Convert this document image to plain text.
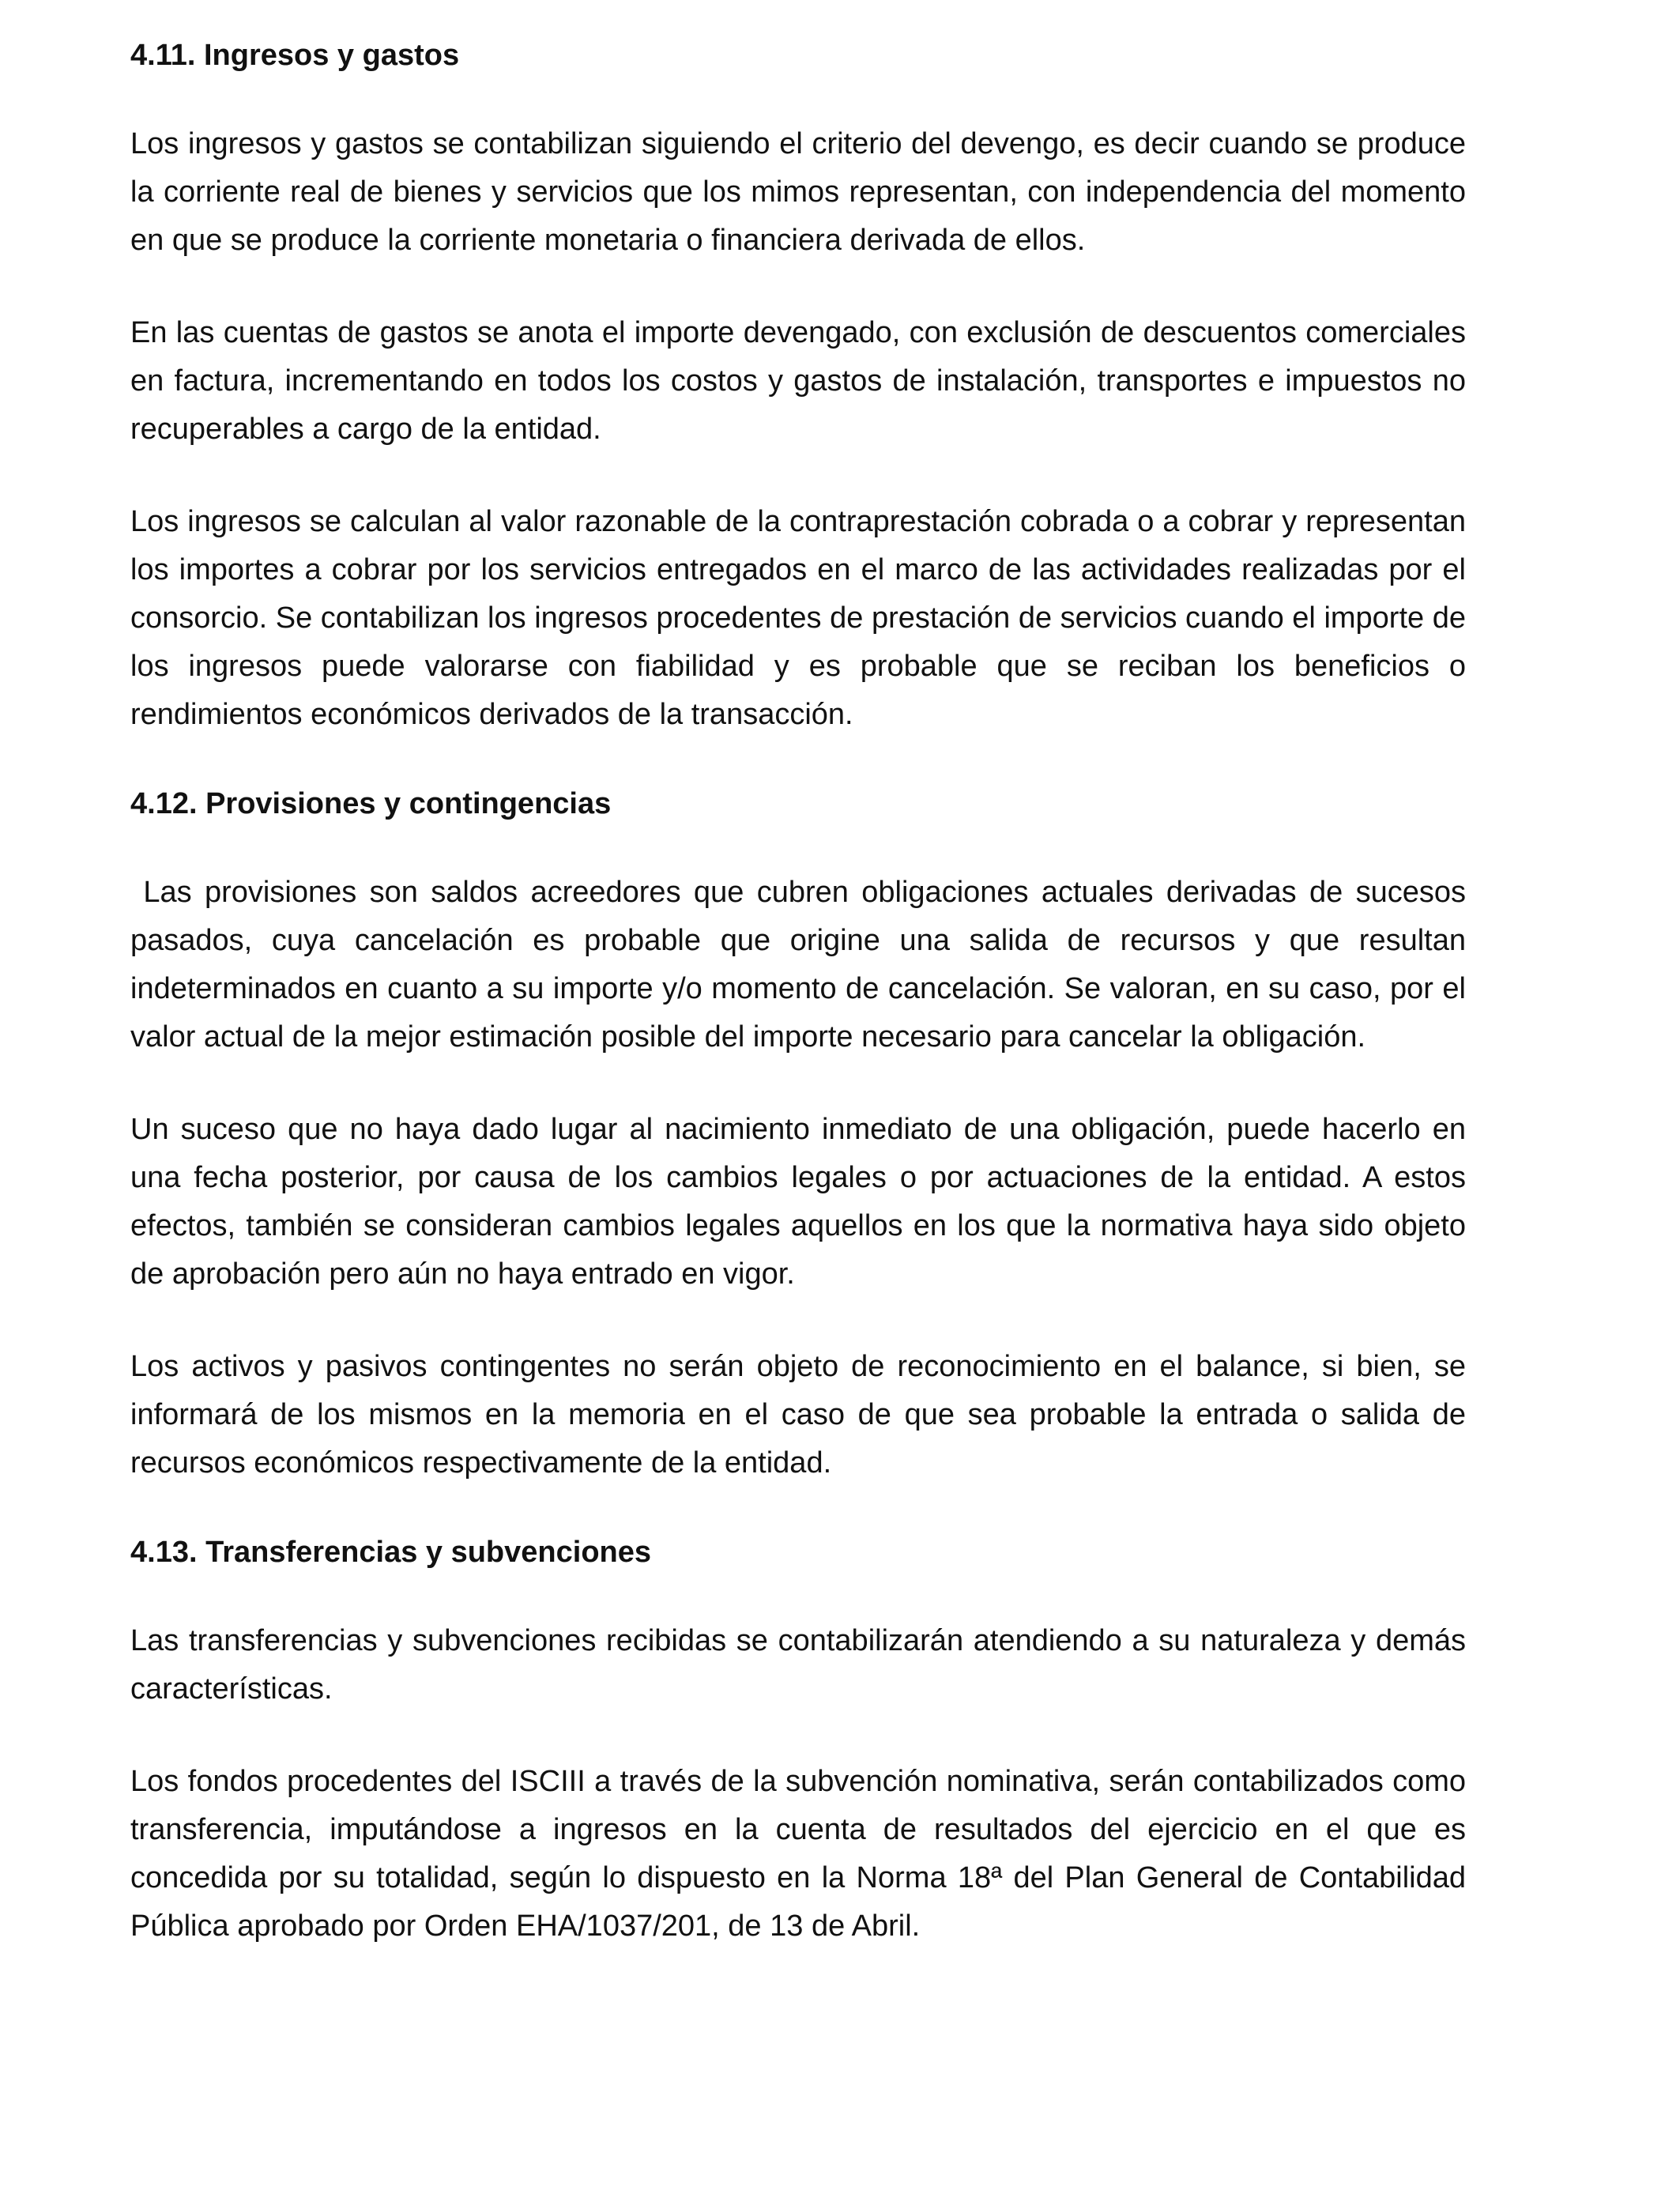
4.11. Ingresos y gastos

Los ingresos y gastos se contabilizan siguiendo el criterio del devengo, es decir cuando se produce la corriente real de bienes y servicios que los mimos representan, con independencia del momento en que se produce la corriente monetaria o financiera derivada de ellos.

En las cuentas de gastos se anota el importe devengado, con exclusión de descuentos comerciales en factura, incrementando en todos los costos y gastos de instalación, transportes e impuestos no recuperables a cargo de la entidad.

Los ingresos se calculan al valor razonable de la contraprestación cobrada o a cobrar y representan los importes a cobrar por los servicios entregados en el marco de las actividades realizadas por el consorcio. Se contabilizan los ingresos procedentes de prestación de servicios cuando el importe de los ingresos puede valorarse con fiabilidad y es probable que se reciban los beneficios o rendimientos económicos derivados de la transacción.

4.12. Provisiones y contingencias

Las provisiones son saldos acreedores que cubren obligaciones actuales derivadas de sucesos pasados, cuya cancelación es probable que origine una salida de recursos y que resultan indeterminados en cuanto a su importe y/o momento de cancelación. Se valoran, en su caso, por el valor actual de la mejor estimación posible del importe necesario para cancelar la obligación.

Un suceso que no haya dado lugar al nacimiento inmediato de una obligación, puede hacerlo en una fecha posterior, por causa de los cambios legales o por actuaciones de la entidad. A estos efectos, también se consideran cambios legales aquellos en los que la normativa haya sido objeto de aprobación pero aún no haya entrado en vigor.

Los activos y pasivos contingentes no serán objeto de reconocimiento en el balance, si bien, se informará de los mismos en la memoria en el caso de que sea probable la entrada o salida de recursos económicos respectivamente de la entidad.

4.13. Transferencias y subvenciones

Las transferencias y subvenciones recibidas se contabilizarán atendiendo a su naturaleza y demás características.

Los fondos procedentes del ISCIII a través de la subvención nominativa, serán contabilizados como transferencia, imputándose a ingresos en la cuenta de resultados del ejercicio en el que es concedida por su totalidad, según lo dispuesto en la Norma 18ª del Plan General de Contabilidad Pública aprobado por Orden EHA/1037/201, de 13 de Abril.
